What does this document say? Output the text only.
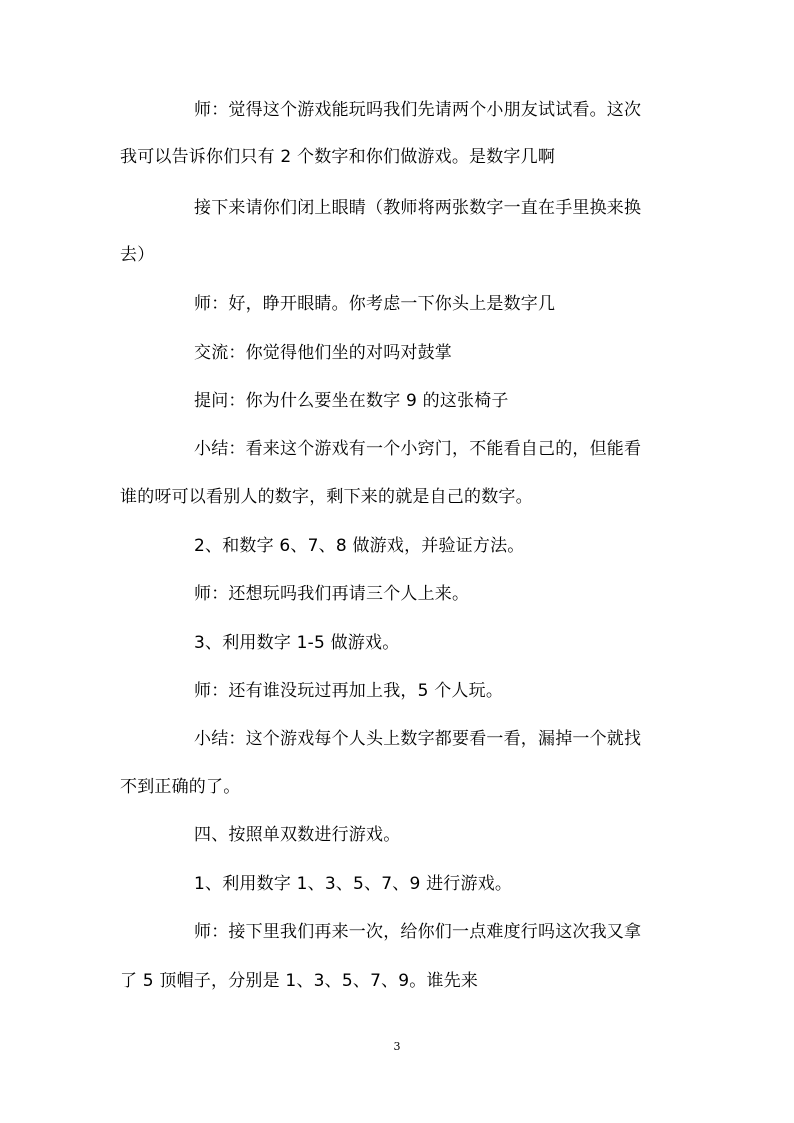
师：觉得这个游戏能玩吗我们先请两个小朋友试试看。这次
我可以告诉你们只有 2 个数字和你们做游戏。是数字几啊
接下来请你们闭上眼睛（教师将两张数字一直在手里换来换
去）
师：好，睁开眼睛。你考虑一下你头上是数字几
交流：你觉得他们坐的对吗对鼓掌
提问：你为什么要坐在数字 9 的这张椅子
小结：看来这个游戏有一个小窍门，不能看自己的，但能看
谁的呀可以看别人的数字，剩下来的就是自己的数字。
2、和数字 6、7、8 做游戏，并验证方法。
师：还想玩吗我们再请三个人上来。
3、利用数字 1-5 做游戏。
师：还有谁没玩过再加上我，5 个人玩。
小结：这个游戏每个人头上数字都要看一看，漏掉一个就找
不到正确的了。
四、按照单双数进行游戏。
1、利用数字 1、3、5、7、9 进行游戏。
师：接下里我们再来一次，给你们一点难度行吗这次我又拿
了 5 顶帽子，分别是 1、3、5、7、9。谁先来
3
